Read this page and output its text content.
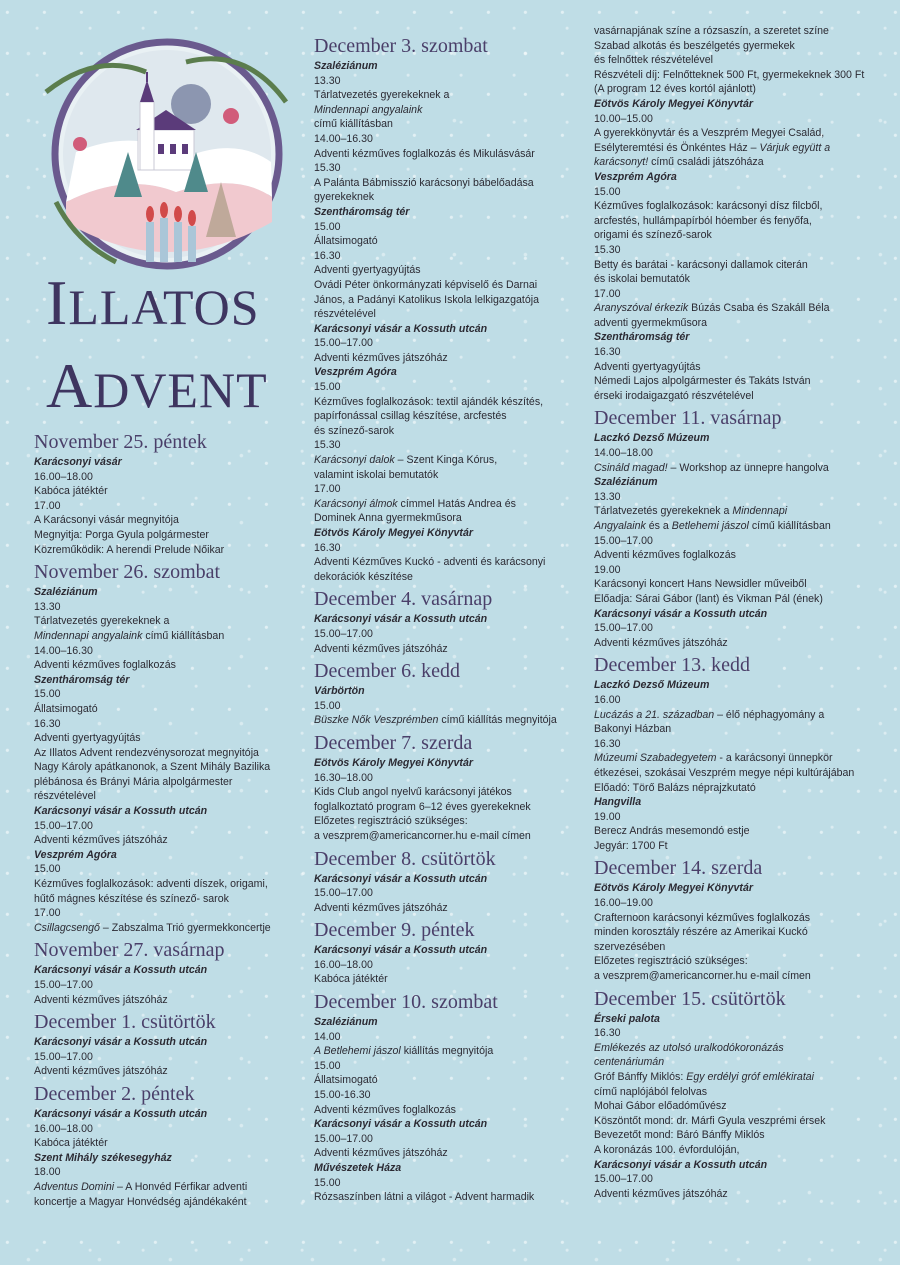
ILLATOS
ADVENT
November 25. péntek
Karácsonyi vásár
16.00–18.00
Kabóca játéktér
17.00
A Karácsonyi vásár megnyitója
Megnyitja: Porga Gyula polgármester
Közreműködik: A herendi Prelude Nőikar
November 26. szombat
Szaléziánum
13.30
Tárlatvezetés gyerekeknek a
Mindennapi angyalaink című kiállításban
14.00–16.30
Adventi kézműves foglalkozás
Szentháromság tér
15.00
Állatsimogató
16.30
Adventi gyertyagyújtás
Az Illatos Advent rendezvénysorozat megnyitója
Nagy Károly apátkanonok, a Szent Mihály Bazilika
plébánosa és Brányi Mária alpolgármester
részvételével
Karácsonyi vásár a Kossuth utcán
15.00–17.00
Adventi kézműves játszóház
Veszprém Agóra
15.00
Kézműves foglalkozások: adventi díszek, origami,
hűtő mágnes készítése és színező- sarok
17.00
Csillagcsengő – Zabszalma Trió gyermekkoncertje
November 27. vasárnap
Karácsonyi vásár a Kossuth utcán
15.00–17.00
Adventi kézműves játszóház
December 1. csütörtök
Karácsonyi vásár a Kossuth utcán
15.00–17.00
Adventi kézműves játszóház
December 2. péntek
Karácsonyi vásár a Kossuth utcán
16.00–18.00
Kabóca játéktér
Szent Mihály székesegyház
18.00
Adventus Domini – A Honvéd Férfikar adventi
koncertje a Magyar Honvédség ajándékaként
December 3. szombat
Szaléziánum
13.30
Tárlatvezetés gyerekeknek a
Mindennapi angyalaink
című kiállításban
14.00–16.30
Adventi kézműves foglalkozás és Mikulásvásár
15.30
A Palánta Bábmisszió karácsonyi bábelőadása
gyerekeknek
Szentháromság tér
15.00
Állatsimogató
16.30
Adventi gyertyagyújtás
Ovádi Péter önkormányzati képviselő és Darnai
János, a Padányi Katolikus Iskola lelkigazgatója
részvételével
Karácsonyi vásár a Kossuth utcán
15.00–17.00
Adventi kézműves játszóház
Veszprém Agóra
15.00
Kézműves foglalkozások: textil ajándék készítés,
papírfonással csillag készítése, arcfestés
és színező-sarok
15.30
Karácsonyi dalok – Szent Kinga Kórus,
valamint iskolai bemutatók
17.00
Karácsonyi álmok címmel Hatás Andrea és
Dominek Anna gyermekműsora
Eötvös Károly Megyei Könyvtár
16.30
Adventi Kézműves Kuckó - adventi és karácsonyi
dekorációk készítése
December 4. vasárnap
Karácsonyi vásár a Kossuth utcán
15.00–17.00
Adventi kézműves játszóház
December 6. kedd
Várbörtön
15.00
Büszke Nők Veszprémben című kiállítás megnyitója
December 7. szerda
Eötvös Károly Megyei Könyvtár
16.30–18.00
Kids Club angol nyelvű karácsonyi játékos
foglalkoztató program 6–12 éves gyerekeknek
Előzetes regisztráció szükséges:
a veszprem@americancorner.hu e-mail címen
December 8. csütörtök
Karácsonyi vásár a Kossuth utcán
15.00–17.00
Adventi kézműves játszóház
December 9. péntek
Karácsonyi vásár a Kossuth utcán
16.00–18.00
Kabóca játéktér
December 10. szombat
Szaléziánum
14.00
A Betlehemi jászol kiállítás megnyitója
15.00
Állatsimogató
15.00-16.30
Adventi kézműves foglalkozás
Karácsonyi vásár a Kossuth utcán
15.00–17.00
Adventi kézműves játszóház
Művészetek Háza
15.00
Rózsaszínben látni a világot - Advent harmadik
vasárnapjának színe a rózsaszín, a szeretet színe
Szabad alkotás és beszélgetés gyermekek
és felnőttek részvételével
Részvételi díj: Felnőtteknek 500 Ft, gyermekeknek 300 Ft
(A program 12 éves kortól ajánlott)
Eötvös Károly Megyei Könyvtár
10.00–15.00
A gyerekkönyvtár és a Veszprém Megyei Család,
Esélyteremtési és Önkéntes Ház – Várjuk együtt a
karácsonyt! című családi játszóháza
Veszprém Agóra
15.00
Kézműves foglalkozások: karácsonyi dísz filcből,
arcfestés, hullámpapírból hóember és fenyőfa,
origami és színező-sarok
15.30
Betty és barátai - karácsonyi dallamok citerán
és iskolai bemutatók
17.00
Aranyszóval érkezik Búzás Csaba és Szakáll Béla
adventi gyermekműsora
Szentháromság tér
16.30
Adventi gyertyagyújtás
Némedi Lajos alpolgármester és Takáts István
érseki irodaigazgató részvételével
December 11. vasárnap
Laczkó Dezső Múzeum
14.00–18.00
Csináld magad! – Workshop az ünnepre hangolva
Szaléziánum
13.30
Tárlatvezetés gyerekeknek a Mindennapi
Angyalaink és a Betlehemi jászol című kiállításban
15.00–17.00
Adventi kézműves foglalkozás
19.00
Karácsonyi koncert Hans Newsidler műveiből
Előadja: Sárai Gábor (lant) és Vikman Pál (ének)
Karácsonyi vásár a Kossuth utcán
15.00–17.00
Adventi kézműves játszóház
December 13. kedd
Laczkó Dezső Múzeum
16.00
Lucázás a 21. században – élő néphagyomány a
Bakonyi Házban
16.30
Múzeumi Szabadegyetem - a karácsonyi ünnepkör
étkezései, szokásai Veszprém megye népi kultúrájában
Előadó: Törő Balázs néprajzkutató
Hangvilla
19.00
Berecz András mesemondó estje
Jegyár: 1700 Ft
December 14. szerda
Eötvös Károly Megyei Könyvtár
16.00–19.00
Crafternoon karácsonyi kézműves foglalkozás
minden korosztály részére az Amerikai Kuckó
szervezésében
Előzetes regisztráció szükséges:
a veszprem@americancorner.hu e-mail címen
December 15. csütörtök
Érseki palota
16.30
Emlékezés az utolsó uralkodókoronázás
centenáriumán
Gróf Bánffy Miklós: Egy erdélyi gróf emlékiratai
című naplójából felolvas
Mohai Gábor előadóművész
Köszöntőt mond: dr. Márfi Gyula veszprémi érsek
Bevezetőt mond: Báró Bánffy Miklós
A koronázás 100. évfordulóján,
Karácsonyi vásár a Kossuth utcán
15.00–17.00
Adventi kézműves játszóház
